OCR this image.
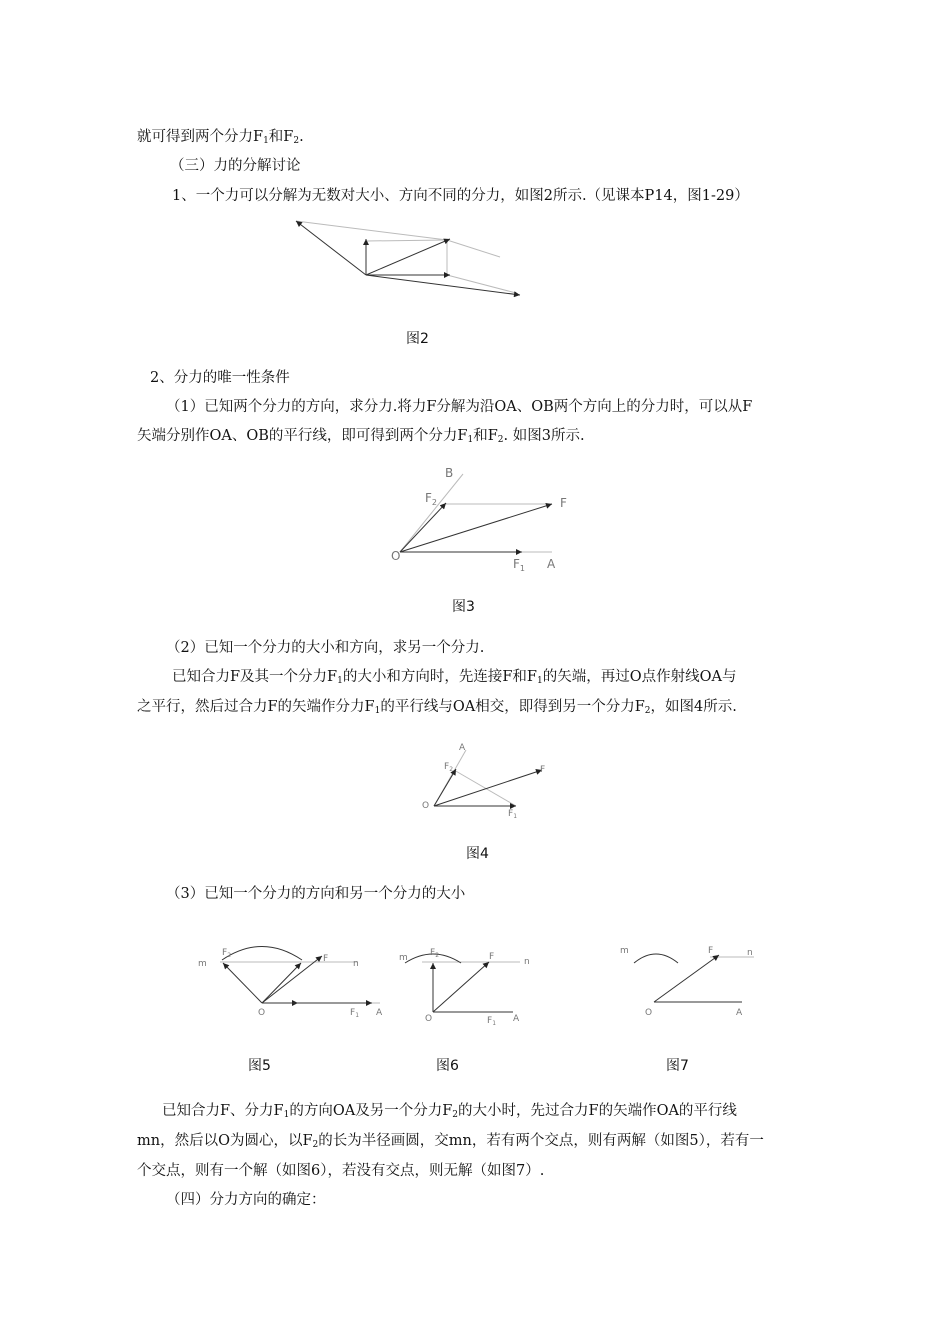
就可得到两个分力$F_1$和$F_2$.
（三）力的分解讨论
1、一个力可以分解为无数对大小、方向不同的分力，如图2所示.（见课本P14，图1-29）
图2
2、分力的唯一性条件
（1）已知两个分力的方向，求分力.将力F分解为沿OA、OB两个方向上的分力时，可以从F
矢端分别作OA、OB的平行线，即可得到两个分力$F_1$和$F_2$. 如图3所示.
B
$F_2$	F
O
$F_1$ A
图3
（2）已知一个分力的大小和方向，求另一个分力.
已知合力F及其一个分力$F_1$的大小和方向时，先连接F和$F_1$的矢端，再过O点作射线OA与
之平行，然后过合力F的矢端作分力$F_1$的平行线与OA相交，即得到另一个分力$F_2$，如图4所示.
A
$F_2$	F
O
$F_1$
图4
（3）已知一个分力的方向和另一个分力的大小
m
$F_2$	F	n
O	$F_1$ A
m $F_2$	F	n
O	$F_1$ A
m	F	n
O	A
图5	图6	图7
已知合力F、分力$F_1$的方向OA及另一个分力$F_2$的大小时，先过合力F的矢端作OA的平行线
mn，然后以O为圆心，以$F_2$的长为半径画圆，交mn，若有两个交点，则有两解（如图5），若有一
个交点，则有一个解（如图6），若没有交点，则无解（如图7）.
（四）分力方向的确定：
